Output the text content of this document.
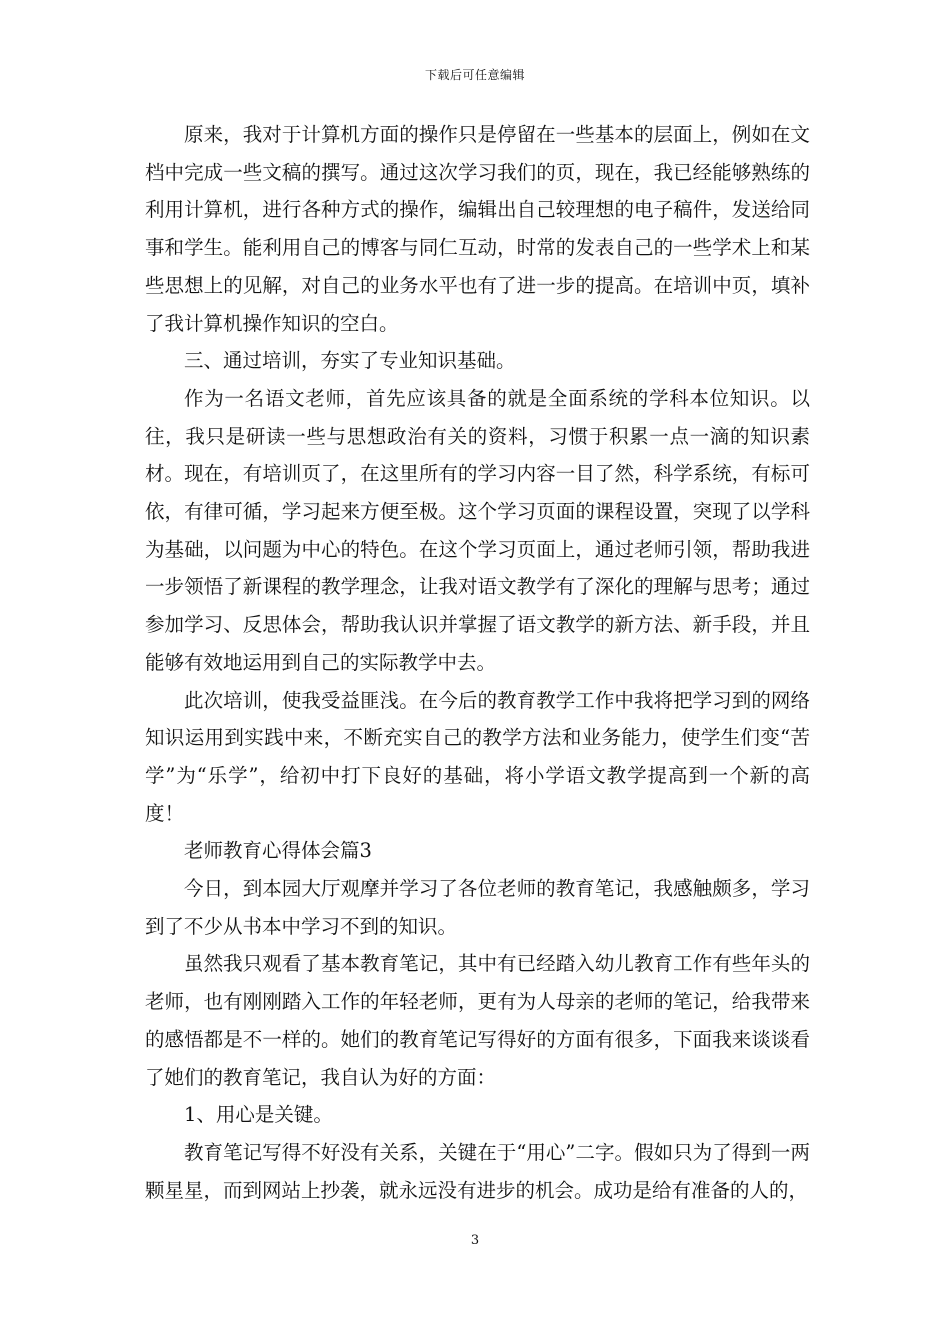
下载后可任意编辑

原来，我对于计算机方面的操作只是停留在一些基本的层面上，例如在文档中完成一些文稿的撰写。通过这次学习我们的页，现在，我已经能够熟练的利用计算机，进行各种方式的操作，编辑出自己较理想的电子稿件，发送给同事和学生。能利用自己的博客与同仁互动，时常的发表自己的一些学术上和某些思想上的见解，对自己的业务水平也有了进一步的提高。在培训中页，填补了我计算机操作知识的空白。

三、通过培训，夯实了专业知识基础。

作为一名语文老师，首先应该具备的就是全面系统的学科本位知识。以往，我只是研读一些与思想政治有关的资料，习惯于积累一点一滴的知识素材。现在，有培训页了，在这里所有的学习内容一目了然，科学系统，有标可依，有律可循，学习起来方便至极。这个学习页面的课程设置，突现了以学科为基础，以问题为中心的特色。在这个学习页面上，通过老师引领，帮助我进一步领悟了新课程的教学理念，让我对语文教学有了深化的理解与思考；通过参加学习、反思体会，帮助我认识并掌握了语文教学的新方法、新手段，并且能够有效地运用到自己的实际教学中去。

此次培训，使我受益匪浅。在今后的教育教学工作中我将把学习到的网络知识运用到实践中来，不断充实自己的教学方法和业务能力，使学生们变“苦学”为“乐学”，给初中打下良好的基础，将小学语文教学提高到一个新的高度！

老师教育心得体会篇3

今日，到本园大厅观摩并学习了各位老师的教育笔记，我感触颇多，学习到了不少从书本中学习不到的知识。

虽然我只观看了基本教育笔记，其中有已经踏入幼儿教育工作有些年头的老师，也有刚刚踏入工作的年轻老师，更有为人母亲的老师的笔记，给我带来的感悟都是不一样的。她们的教育笔记写得好的方面有很多，下面我来谈谈看了她们的教育笔记，我自认为好的方面：

1、用心是关键。

教育笔记写得不好没有关系，关键在于“用心”二字。假如只为了得到一两颗星星，而到网站上抄袭，就永远没有进步的机会。成功是给有准备的人的，

3
